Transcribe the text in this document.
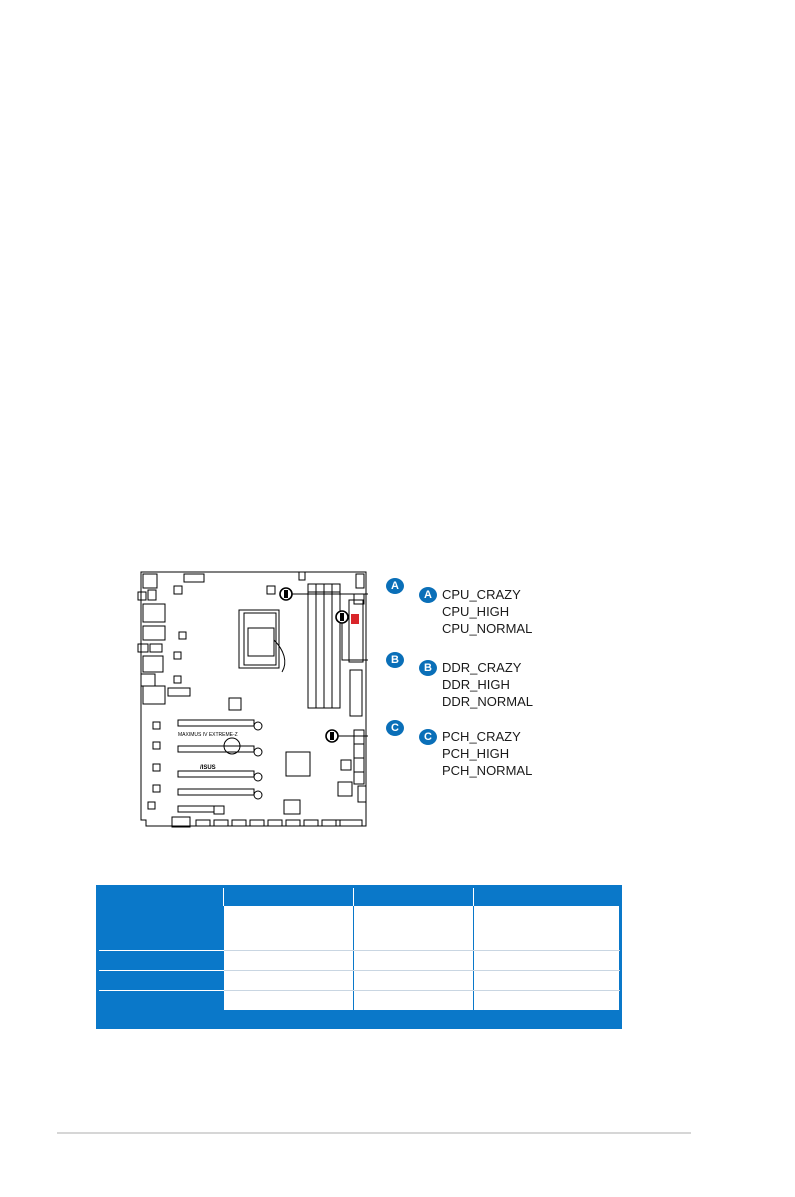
MAXIMUS IV EXTREME-Z
/ISUS
A
B
C
A CPU_CRAZY
CPU_HIGH
CPU_NORMAL
B DDR_CRAZY
DDR_HIGH
DDR_NORMAL
C PCH_CRAZY
PCH_HIGH
PCH_NORMAL
